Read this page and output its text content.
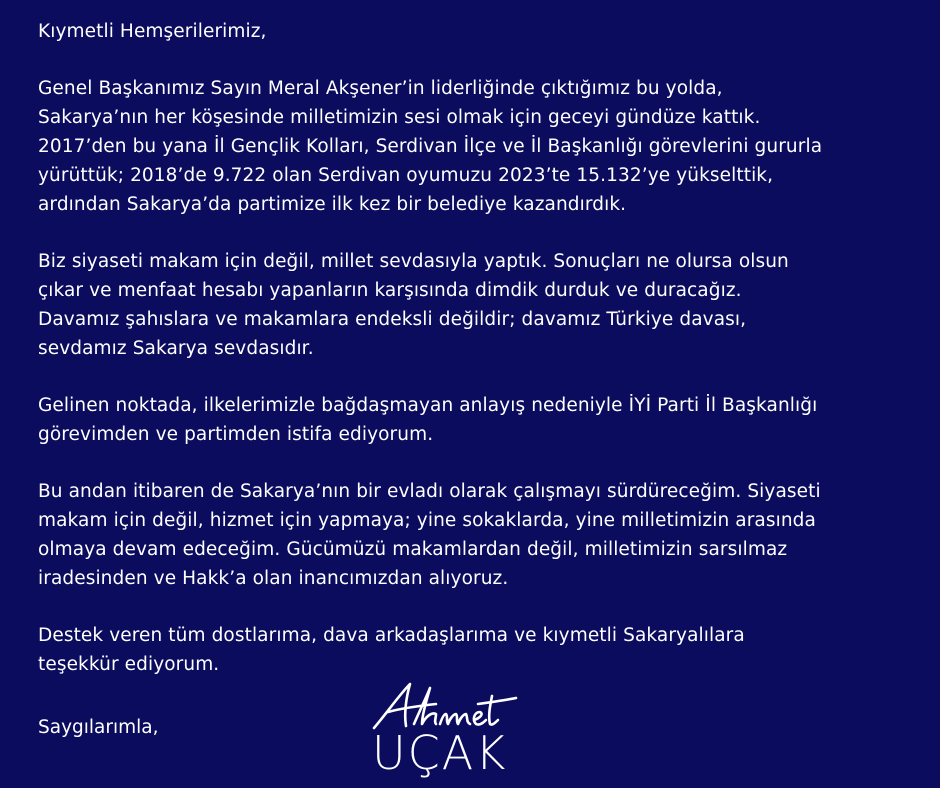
Kıymetli Hemşerilerimiz,

Genel Başkanımız Sayın Meral Akşener’in liderliğinde çıktığımız bu yolda,
Sakarya’nın her köşesinde milletimizin sesi olmak için geceyi gündüze kattık.
2017’den bu yana İl Gençlik Kolları, Serdivan İlçe ve İl Başkanlığı görevlerini gururla
yürüttük; 2018’de 9.722 olan Serdivan oyumuzu 2023’te 15.132’ye yükselttik,
ardından Sakarya’da partimize ilk kez bir belediye kazandırdık.

Biz siyaseti makam için değil, millet sevdasıyla yaptık. Sonuçları ne olursa olsun
çıkar ve menfaat hesabı yapanların karşısında dimdik durduk ve duracağız.
Davamız şahıslara ve makamlara endeksli değildir; davamız Türkiye davası,
sevdamız Sakarya sevdasıdır.

Gelinen noktada, ilkelerimizle bağdaşmayan anlayış nedeniyle İYİ Parti İl Başkanlığı
görevimden ve partimden istifa ediyorum.

Bu andan itibaren de Sakarya’nın bir evladı olarak çalışmayı sürdüreceğim. Siyaseti
makam için değil, hizmet için yapmaya; yine sokaklarda, yine milletimizin arasında
olmaya devam edeceğim. Gücümüzü makamlardan değil, milletimizin sarsılmaz
iradesinden ve Hakk’a olan inancımızdan alıyoruz.

Destek veren tüm dostlarıma, dava arkadaşlarıma ve kıymetli Sakaryalılara
teşekkür ediyorum.

Saygılarımla,	UÇAK
